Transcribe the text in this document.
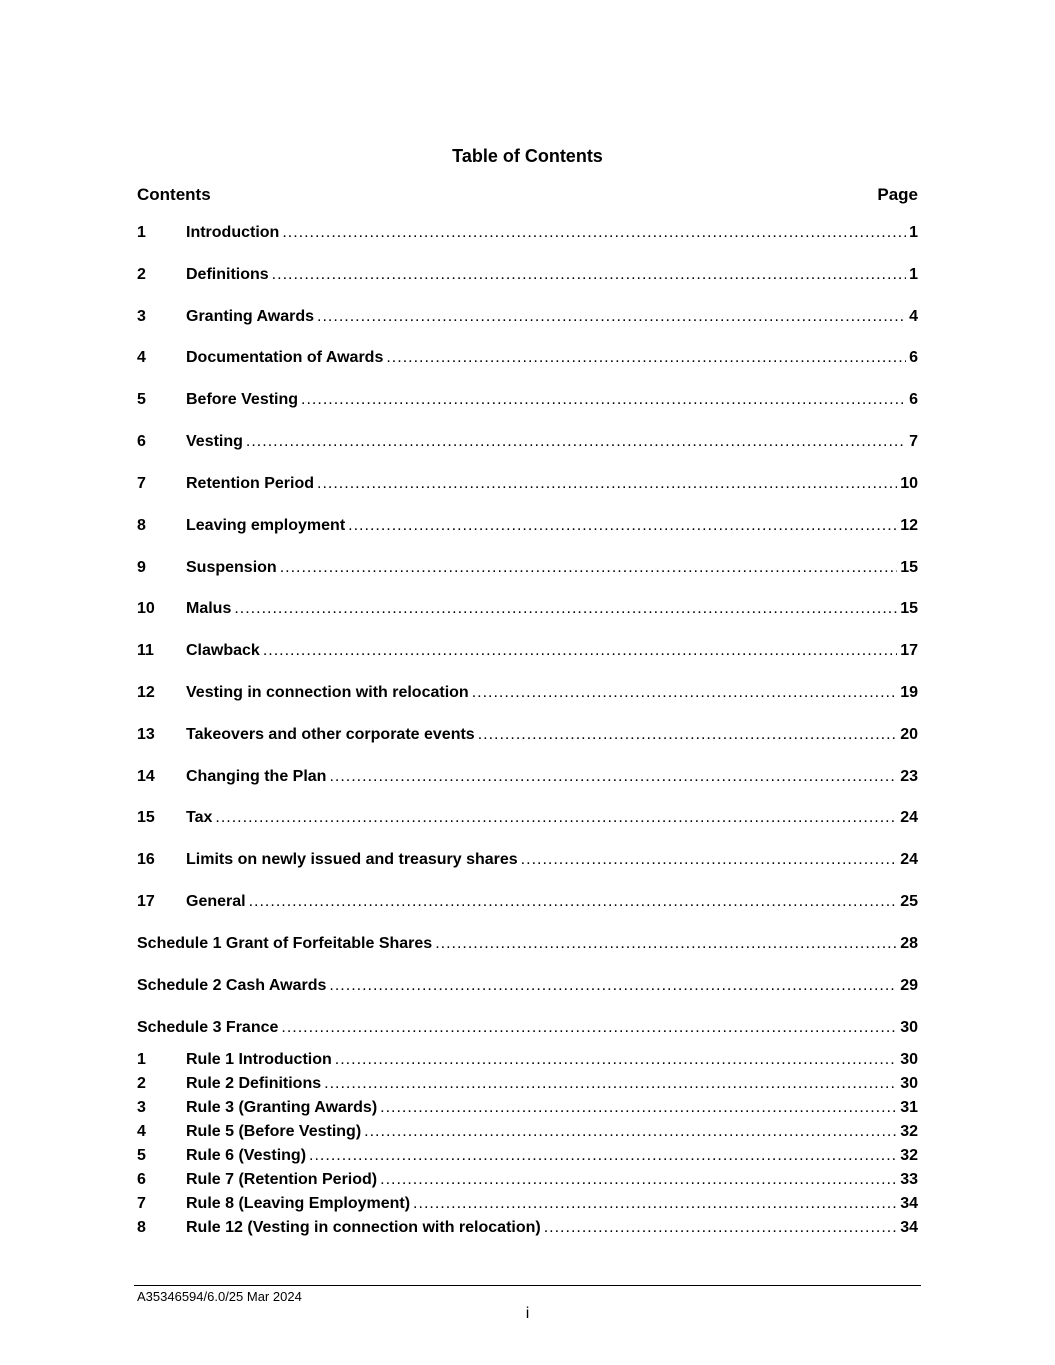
Table of Contents
Contents	Page
1	Introduction .....	1
2	Definitions .....	1
3	Granting Awards .....	4
4	Documentation of Awards .....	6
5	Before Vesting .....	6
6	Vesting .....	7
7	Retention Period .....	10
8	Leaving employment .....	12
9	Suspension .....	15
10	Malus .....	15
11	Clawback .....	17
12	Vesting in connection with relocation .....	19
13	Takeovers and other corporate events .....	20
14	Changing the Plan .....	23
15	Tax .....	24
16	Limits on newly issued and treasury shares .....	24
17	General .....	25
Schedule 1 Grant of Forfeitable Shares .....	28
Schedule 2 Cash Awards .....	29
Schedule 3 France .....	30
1	Rule 1 Introduction .....	30
2	Rule 2 Definitions .....	30
3	Rule 3 (Granting Awards) .....	31
4	Rule 5 (Before Vesting) .....	32
5	Rule 6 (Vesting) .....	32
6	Rule 7 (Retention Period) .....	33
7	Rule 8 (Leaving Employment) .....	34
8	Rule 12 (Vesting in connection with relocation) .....	34
A35346594/6.0/25 Mar 2024
i
